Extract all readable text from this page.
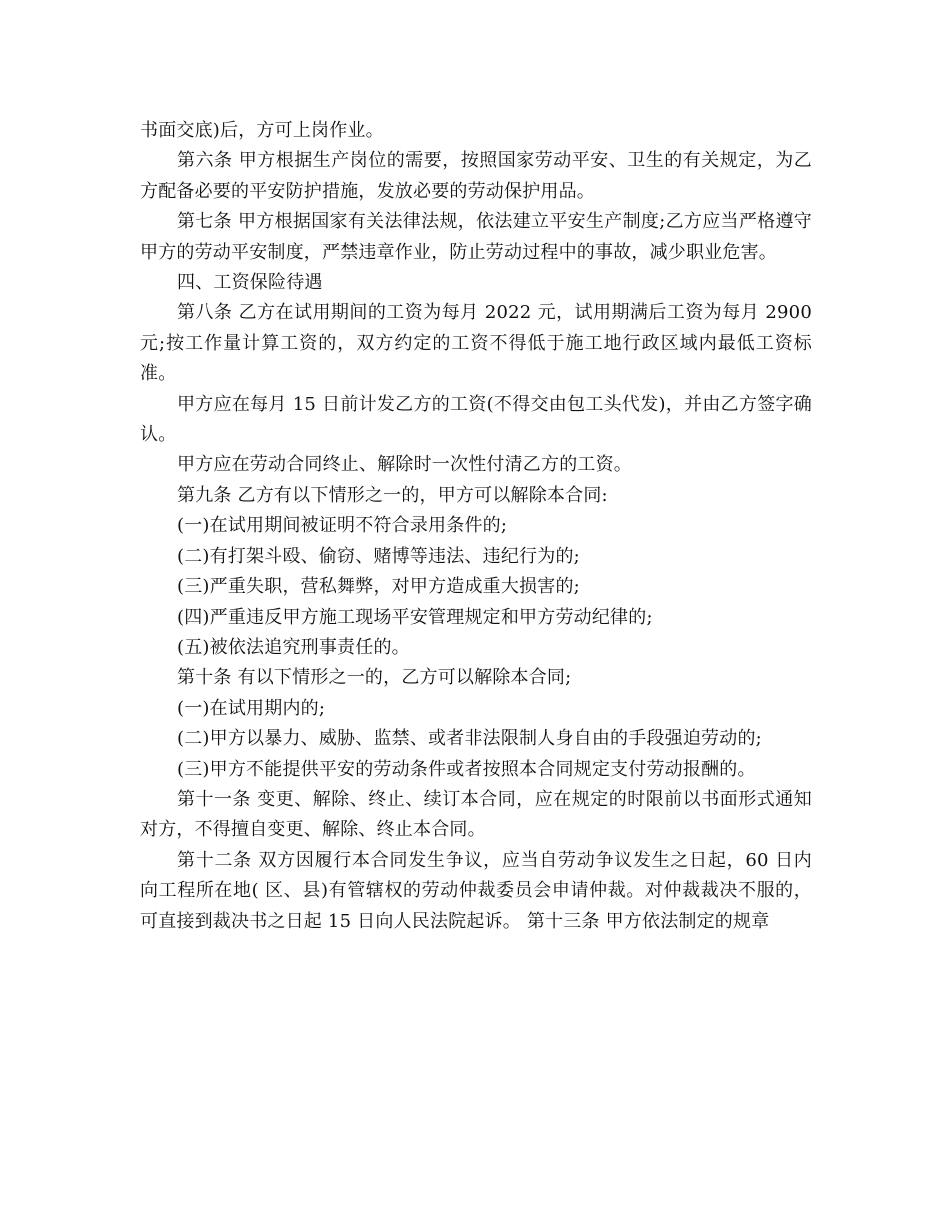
书面交底)后，方可上岗作业。

第六条 甲方根据生产岗位的需要，按照国家劳动平安、卫生的有关规定，为乙方配备必要的平安防护措施，发放必要的劳动保护用品。

第七条 甲方根据国家有关法律法规，依法建立平安生产制度;乙方应当严格遵守甲方的劳动平安制度，严禁违章作业，防止劳动过程中的事故，减少职业危害。

四、工资保险待遇

第八条 乙方在试用期间的工资为每月 2022 元，试用期满后工资为每月 2900 元;按工作量计算工资的，双方约定的工资不得低于施工地行政区域内最低工资标准。

甲方应在每月 15 日前计发乙方的工资(不得交由包工头代发)，并由乙方签字确认。

甲方应在劳动合同终止、解除时一次性付清乙方的工资。

第九条 乙方有以下情形之一的，甲方可以解除本合同:

(一)在试用期间被证明不符合录用条件的;

(二)有打架斗殴、偷窃、赌博等违法、违纪行为的;

(三)严重失职，营私舞弊，对甲方造成重大损害的;

(四)严重违反甲方施工现场平安管理规定和甲方劳动纪律的;

(五)被依法追究刑事责任的。

第十条 有以下情形之一的，乙方可以解除本合同;

(一)在试用期内的;

(二)甲方以暴力、威胁、监禁、或者非法限制人身自由的手段强迫劳动的;

(三)甲方不能提供平安的劳动条件或者按照本合同规定支付劳动报酬的。

第十一条 变更、解除、终止、续订本合同，应在规定的时限前以书面形式通知对方，不得擅自变更、解除、终止本合同。

第十二条 双方因履行本合同发生争议，应当自劳动争议发生之日起，60 日内向工程所在地( 区、县)有管辖权的劳动仲裁委员会申请仲裁。对仲裁裁决不服的，可直接到裁决书之日起 15 日向人民法院起诉。 第十三条 甲方依法制定的规章
